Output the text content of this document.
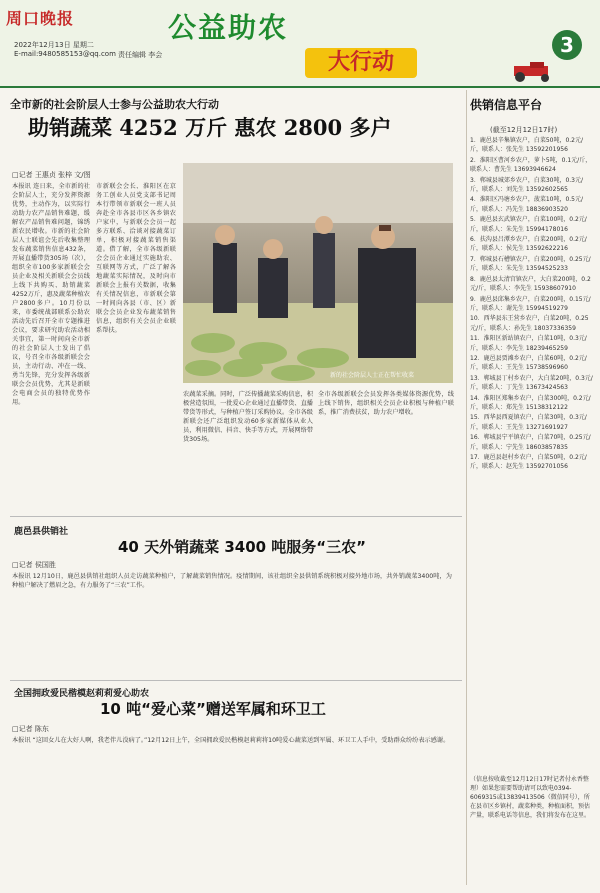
周口晚报
2022年12月13日 星期二
E-mail:9480585153@qq.com 责任编辑 李会
公益助农
大行动
3
全市新的社会阶层人士参与公益助农大行动
助销蔬菜 4252 万斤 惠农 2800 多户
□记者 王惠贞 张梓 文/图
本报讯 连日来，全市新的社会阶层人士，充分发挥资源优势，主动作为，以实际行动助力农产品销售难题，缓解农产品销售难问题，锦绣新农民增收。市新的社会阶层人士联谊会先后收集整理发布蔬菜销售信息432条，开展直播带货305场（次），组织全市100多家新联会会员企业及相关新联会会员线上线下共购买、助销蔬菜4252万斤，惠及蔬菜种植农户2800多户。10月份以来，市委统战部联系公助农活动先后召开全市专题推进会议，要求研究助农活动相关事宜，第一时间向全市新的社会阶层人士发出了倡议，号召全市各级新联会会员，主动行动、冲在一线、勇当先锋，充分发挥各级新联会会员优势，尤其是新联会电商会员的独特优势作用。
市新联会会长、淮阳区在京务工创业人员党支部书记周本行带领市新联会一班人员奔赴全市各县市区各乡镇农户家中，与新联会会员一起多方联系、洽谈对接蔬菜订单，积极对接蔬菜销售渠道。借了解，全市各级新联会会员企业通过实施助农、互联网等方式，广泛了解各地蔬菜实际情况，及时向市新联会上报有关数据，收集有关情况信息，市新联会第一时间向各县（市、区）新联会会员企业发布蔬菜销售信息，组织有关会员企业联系帮扶。
新的社会阶层人士正在帮忙收菜
农蔬菜采摘。同时，广泛传播蔬菜采购信息，积极营造氛围，一批爱心企业通过直播带货、直播带货等形式，与种植户签订采购协议。全市各级新联会还广泛组织发动60多家新媒体从业人员，利用微信、抖音、快手等方式，开展网络带货305场。
全市各级新联会会员发挥各类媒体资源优势，线上线下销售，组织相关会员企业积极与种植户联系，推广消费扶贫，助力农户增收。
鹿邑县供销社
40 天外销蔬菜 3400 吨服务“三农”
□记者 侯国胜
本报讯 12月10日，鹿邑县供销社组织人员走访蔬菜种植户，了解蔬菜销售情况。疫情期间，该社组织全县供销系统积极对接外地市场，共外销蔬菜3400吨，为种植户解决了燃眉之急，有力服务了“三农”工作。
全国拥政爱民楷模赵莉莉爱心助农
10 吨“爱心菜”赠送军属和环卫工
□记者 陈东
本报讯 “这回女儿在大好人啊，我老伴儿没病了。”12月12日上午，全国拥政爱民楷模赵莉莉将10吨爱心蔬菜送到军属、环卫工人手中，受助群众纷纷表示感谢。
供销信息平台
(截至12月12日17时)
1．鹿邑县辛集镇农户，白菜50吨，0.2元/斤，联系人：张先生 13592201956
2．淮阳区曹河乡农户，萝卜5吨，0.1元/斤，联系人：曹先生 13693946624
3．郸城县城郊乡农户，白菜30吨，0.3元/斤，联系人：刘先生 13592602565
4．淮阳区冯塘乡农户，菠菜10吨，0.5元/斤，联系人：冯先生 18836903520
5．鹿邑县玄武镇农户，白菜100吨，0.2元/斤，联系人：朱先生 15994178016
6．扶沟县吕潭乡农户，白菜200吨，0.2元/斤，联系人：侯先生 13592622216
7．郸城县石槽镇农户，白菜200吨，0.25元/斤，联系人：朱先生 13594525233
8．鹿邑县太清宫镇农户，大白菜200吨，0.2元/斤，联系人：李先生 15938607910
9．鹿邑县邱集乡农户，白菜200吨，0.15元/斤，联系人：谢先生 15994519279
10．西华县东王营乡农户，白菜20吨，0.25元/斤，联系人：孙先生 18037336359
11．淮阳区新站镇农户，白菜10吨，0.3元/斤，联系人：李先生 18239465259
12．鹿邑县贾滩乡农户，白菜60吨，0.2元/斤，联系人：王先生 15738596960
13．郸城县丁村乡农户，大白菜20吨，0.3元/斤，联系人：丁先生 13673424563
14．淮阳区郑集乡农户，白菜300吨，0.2元/斤，联系人：郑先生 15138312122
15．西华县西夏镇农户，白菜30吨，0.3元/斤，联系人：王先生 13271691927
16．郸城县宁平镇农户，白菜70吨，0.25元/斤，联系人：宁先生 18603857835
17．鹿邑县赵村乡农户，白菜50吨，0.2元/斤，联系人：赵先生 13592701056
（信息按收截至12月12日17时记者付永香整理）如果您需要帮助请可以致电0394-6069315或13839413506（微信同号），所在县市区乡镇村，蔬菜种类，种植面积，预估产量，联系电话等信息，我们将发布在这里。
